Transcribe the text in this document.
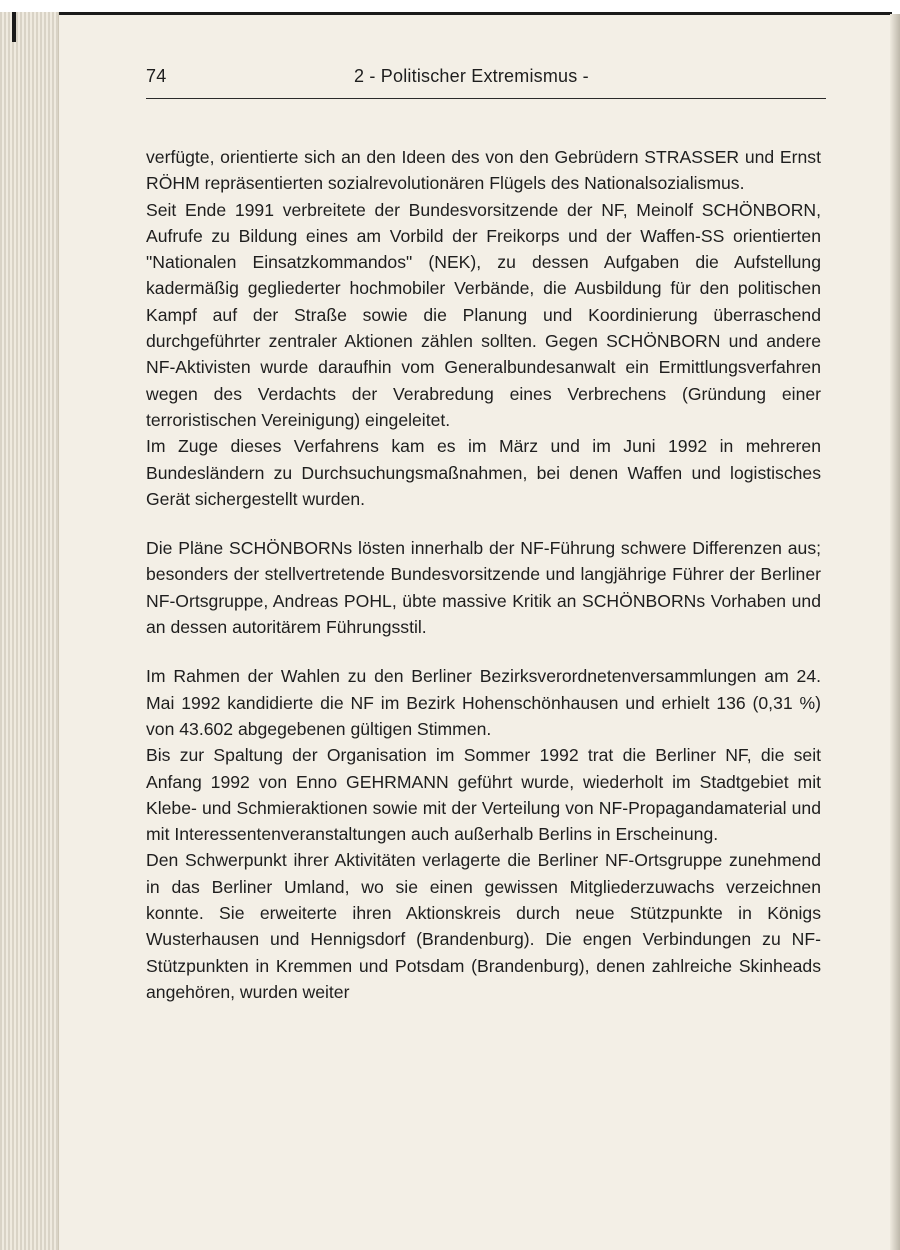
74	2 - Politischer Extremismus -

verfügte, orientierte sich an den Ideen des von den Gebrüdern STRASSER und Ernst RÖHM repräsentierten sozialrevolutionären Flügels des Nationalsozialismus.

Seit Ende 1991 verbreitete der Bundesvorsitzende der NF, Meinolf SCHÖNBORN, Aufrufe zu Bildung eines am Vorbild der Freikorps und der Waffen-SS orientierten "Nationalen Einsatzkommandos" (NEK), zu dessen Aufgaben die Aufstellung kadermäßig gegliederter hochmobiler Verbände, die Ausbildung für den politischen Kampf auf der Straße sowie die Planung und Koordinierung überraschend durchgeführter zentraler Aktionen zählen sollten. Gegen SCHÖNBORN und andere NF-Aktivisten wurde daraufhin vom Generalbundesanwalt ein Ermittlungsverfahren wegen des Verdachts der Verabredung eines Verbrechens (Gründung einer terroristischen Vereinigung) eingeleitet.

Im Zuge dieses Verfahrens kam es im März und im Juni 1992 in mehreren Bundesländern zu Durchsuchungsmaßnahmen, bei denen Waffen und logistisches Gerät sichergestellt wurden.

Die Pläne SCHÖNBORNs lösten innerhalb der NF-Führung schwere Differenzen aus; besonders der stellvertretende Bundesvorsitzende und langjährige Führer der Berliner NF-Ortsgruppe, Andreas POHL, übte massive Kritik an SCHÖNBORNs Vorhaben und an dessen autoritärem Führungsstil.

Im Rahmen der Wahlen zu den Berliner Bezirksverordnetenversammlungen am 24. Mai 1992 kandidierte die NF im Bezirk Hohenschönhausen und erhielt 136 (0,31 %) von 43.602 abgegebenen gültigen Stimmen.

Bis zur Spaltung der Organisation im Sommer 1992 trat die Berliner NF, die seit Anfang 1992 von Enno GEHRMANN geführt wurde, wiederholt im Stadtgebiet mit Klebe- und Schmieraktionen sowie mit der Verteilung von NF-Propagandamaterial und mit Interessentenveranstaltungen auch außerhalb Berlins in Erscheinung.

Den Schwerpunkt ihrer Aktivitäten verlagerte die Berliner NF-Ortsgruppe zunehmend in das Berliner Umland, wo sie einen gewissen Mitgliederzuwachs verzeichnen konnte. Sie erweiterte ihren Aktionskreis durch neue Stützpunkte in Königs Wusterhausen und Hennigsdorf (Brandenburg). Die engen Verbindungen zu NF-Stützpunkten in Kremmen und Potsdam (Brandenburg), denen zahlreiche Skinheads angehören, wurden weiter
